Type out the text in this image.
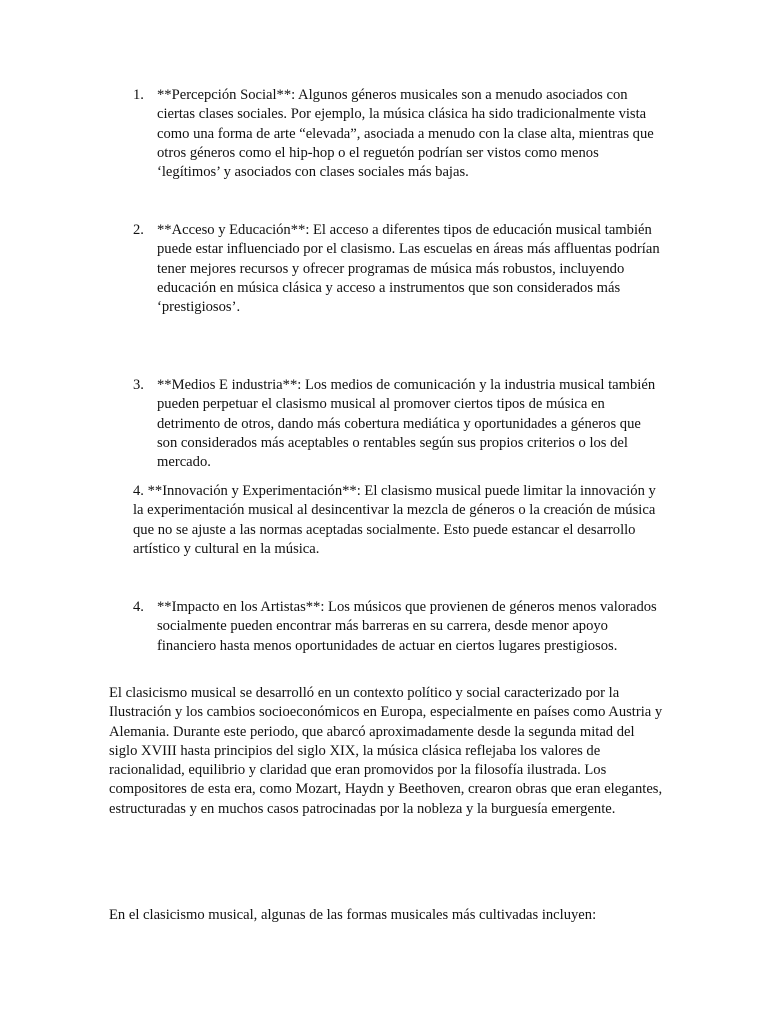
1. **Percepción Social**: Algunos géneros musicales son a menudo asociados con ciertas clases sociales. Por ejemplo, la música clásica ha sido tradicionalmente vista como una forma de arte “elevada”, asociada a menudo con la clase alta, mientras que otros géneros como el hip-hop o el reguetón podrían ser vistos como menos ‘legítimos’ y asociados con clases sociales más bajas.
2. **Acceso y Educación**: El acceso a diferentes tipos de educación musical también puede estar influenciado por el clasismo. Las escuelas en áreas más affluentas podrían tener mejores recursos y ofrecer programas de música más robustos, incluyendo educación en música clásica y acceso a instrumentos que son considerados más ‘prestigiosos’.
3. **Medios E industria**: Los medios de comunicación y la industria musical también pueden perpetuar el clasismo musical al promover ciertos tipos de música en detrimento de otros, dando más cobertura mediática y oportunidades a géneros que son considerados más aceptables o rentables según sus propios criterios o los del mercado.

4. **Innovación y Experimentación**: El clasismo musical puede limitar la innovación y la experimentación musical al desincentivar la mezcla de géneros o la creación de música que no se ajuste a las normas aceptadas socialmente. Esto puede estancar el desarrollo artístico y cultural en la música.

4. **Impacto en los Artistas**: Los músicos que provienen de géneros menos valorados socialmente pueden encontrar más barreras en su carrera, desde menor apoyo financiero hasta menos oportunidades de actuar en ciertos lugares prestigiosos.

El clasicismo musical se desarrolló en un contexto político y social caracterizado por la Ilustración y los cambios socioeconómicos en Europa, especialmente en países como Austria y Alemania. Durante este periodo, que abarcó aproximadamente desde la segunda mitad del siglo XVIII hasta principios del siglo XIX, la música clásica reflejaba los valores de racionalidad, equilibrio y claridad que eran promovidos por la filosofía ilustrada. Los compositores de esta era, como Mozart, Haydn y Beethoven, crearon obras que eran elegantes, estructuradas y en muchos casos patrocinadas por la nobleza y la burguesía emergente.

En el clasicismo musical, algunas de las formas musicales más cultivadas incluyen:
